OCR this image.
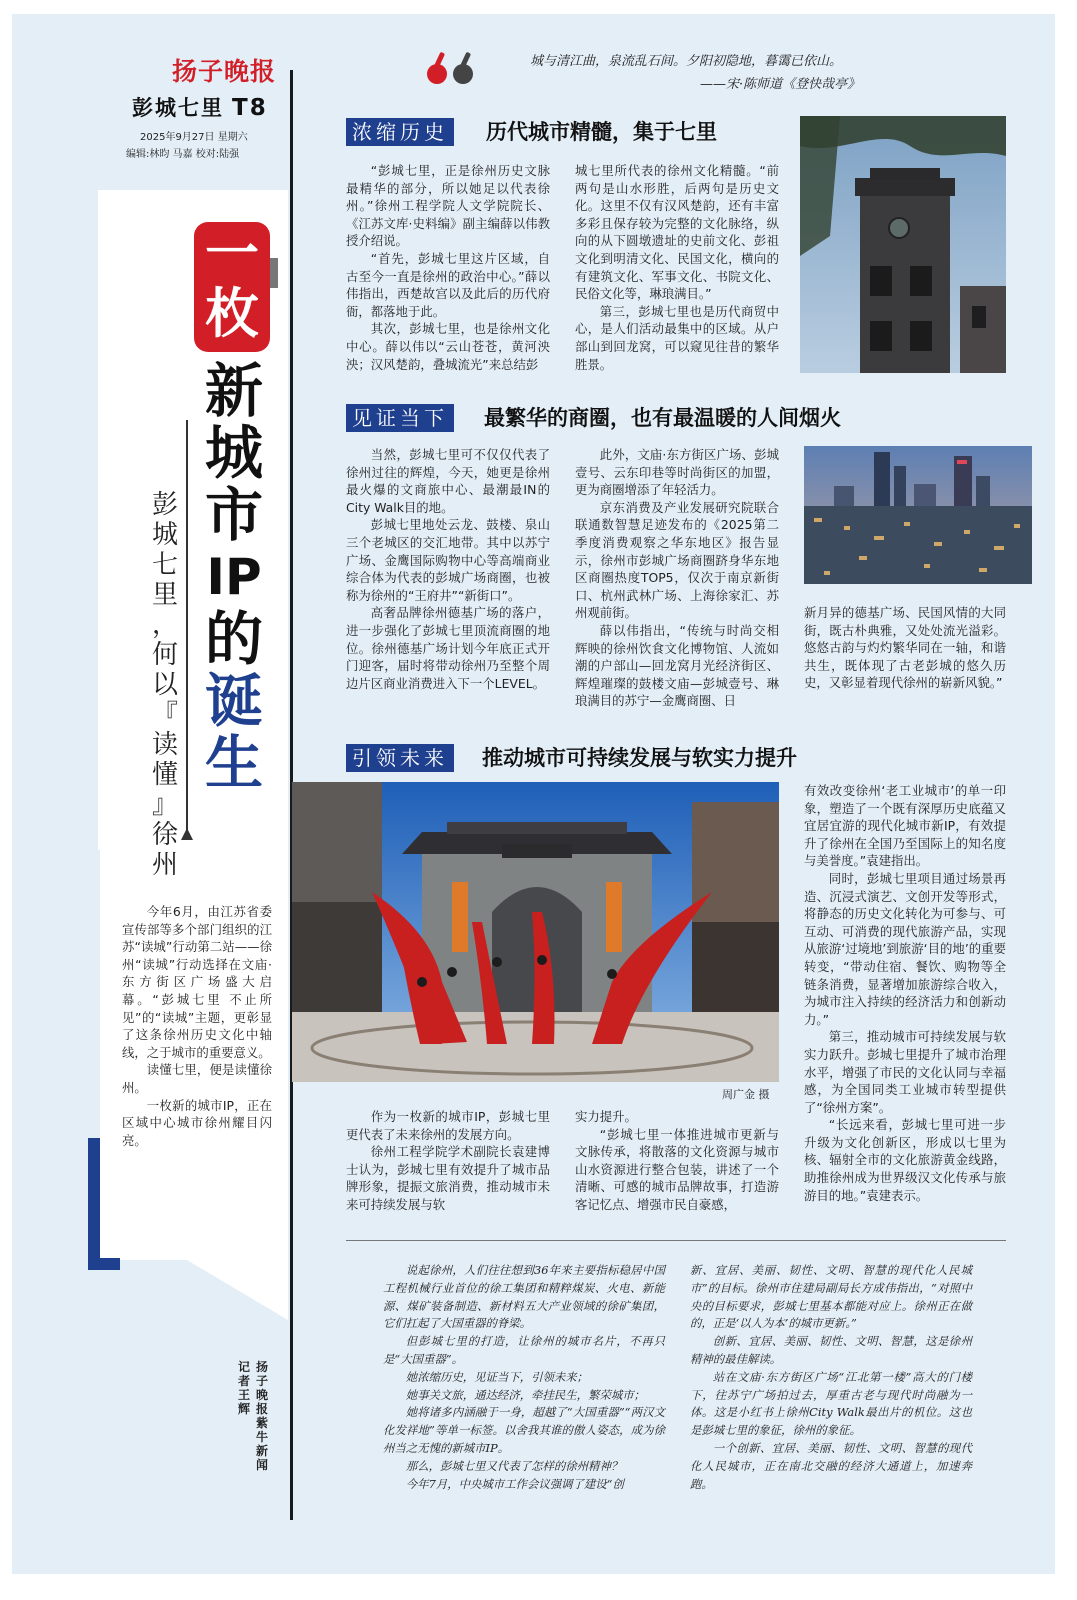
扬子晚报
彭城七里 T8
2025年9月27日 星期六
编辑:林昀 马嘉 校对:陆强
城与清江曲，泉流乱石间。夕阳初隐地，暮霭已依山。
——宋·陈师道《登快哉亭》
一
枚
新
城
市
IP
的
诞
生
彭
城
七
里
，
何
以
『
读
懂
』
徐
州

今年6月，由江苏省委宣传部等多个部门组织的江苏“读城”行动第二站——徐州“读城”行动选择在文庙·东方街区广场盛大启幕。“彭城七里 不止所见”的“读城”主题，更彰显了这条徐州历史文化中轴线，之于城市的重要意义。

读懂七里，便是读懂徐州。

一枚新的城市IP，正在区域中心城市徐州耀目闪亮。

扬
子
晚
报
紫
牛
新
闻
记
者
王
辉
浓缩历史 历代城市精髓，集于七里

“彭城七里，正是徐州历史文脉最精华的部分，所以她足以代表徐州。”徐州工程学院人文学院院长、《江苏文库·史料编》副主编薛以伟教授介绍说。

“首先，彭城七里这片区域，自古至今一直是徐州的政治中心。”薛以伟指出，西楚故宫以及此后的历代府衙，都落地于此。

其次，彭城七里，也是徐州文化中心。薛以伟以“云山苍苍，黄河泱泱；汉风楚韵，叠城流光”来总结彭

城七里所代表的徐州文化精髓。“前两句是山水形胜，后两句是历史文化。这里不仅有汉风楚韵，还有丰富多彩且保存较为完整的文化脉络，纵向的从下圆墩遗址的史前文化、彭祖文化到明清文化、民国文化，横向的有建筑文化、军事文化、书院文化、民俗文化等，琳琅满目。”

第三，彭城七里也是历代商贸中心，是人们活动最集中的区域。从户部山到回龙窝，可以窥见往昔的繁华胜景。

见证当下 最繁华的商圈，也有最温暖的人间烟火

当然，彭城七里可不仅仅代表了徐州过往的辉煌，今天，她更是徐州最火爆的文商旅中心、最潮最IN的City Walk目的地。

彭城七里地处云龙、鼓楼、泉山三个老城区的交汇地带。其中以苏宁广场、金鹰国际购物中心等高端商业综合体为代表的彭城广场商圈，也被称为徐州的“王府井”“新街口”。

高奢品牌徐州德基广场的落户，进一步强化了彭城七里顶流商圈的地位。徐州德基广场计划今年底正式开门迎客，届时将带动徐州乃至整个周边片区商业消费进入下一个LEVEL。

此外，文庙·东方街区广场、彭城壹号、云东印巷等时尚街区的加盟，更为商圈增添了年轻活力。

京东消费及产业发展研究院联合联通数智慧足迹发布的《2025第二季度消费观察之华东地区》报告显示，徐州市彭城广场商圈跻身华东地区商圈热度TOP5，仅次于南京新街口、杭州武林广场、上海徐家汇、苏州观前街。

薛以伟指出，“传统与时尚交相辉映的徐州饮食文化博物馆、人流如潮的户部山—回龙窝月光经济街区、辉煌璀璨的鼓楼文庙—彭城壹号、琳琅满目的苏宁—金鹰商圈、日

新月异的德基广场、民国风情的大同街，既古朴典雅，又处处流光溢彩。悠悠古韵与灼灼繁华同在一轴，和谐共生，既体现了古老彭城的悠久历史，又彰显着现代徐州的崭新风貌。”

引领未来 推动城市可持续发展与软实力提升
周广金 摄

有效改变徐州‘老工业城市’的单一印象，塑造了一个既有深厚历史底蕴又宜居宜游的现代化城市新IP，有效提升了徐州在全国乃至国际上的知名度与美誉度。”袁建指出。

同时，彭城七里项目通过场景再造、沉浸式演艺、文创开发等形式，将静态的历史文化转化为可参与、可互动、可消费的现代旅游产品，实现从旅游‘过境地’到旅游‘目的地’的重要转变，“带动住宿、餐饮、购物等全链条消费，显著增加旅游综合收入，为城市注入持续的经济活力和创新动力。”

第三，推动城市可持续发展与软实力跃升。彭城七里提升了城市治理水平，增强了市民的文化认同与幸福感，为全国同类工业城市转型提供了“徐州方案”。

“长远来看，彭城七里可进一步升级为文化创新区，形成以七里为核、辐射全市的文化旅游黄金线路，助推徐州成为世界级汉文化传承与旅游目的地。”袁建表示。

作为一枚新的城市IP，彭城七里更代表了未来徐州的发展方向。

徐州工程学院学术副院长袁建博士认为，彭城七里有效提升了城市品牌形象，提振文旅消费，推动城市未来可持续发展与软

实力提升。

“彭城七里一体推进城市更新与文脉传承，将散落的文化资源与城市山水资源进行整合包装，讲述了一个清晰、可感的城市品牌故事，打造游客记忆点、增强市民自豪感，

说起徐州，人们往往想到36年来主要指标稳居中国工程机械行业首位的徐工集团和精粹煤炭、火电、新能源、煤矿装备制造、新材料五大产业领域的徐矿集团，它们扛起了大国重器的脊梁。

但彭城七里的打造，让徐州的城市名片，不再只是“大国重器”。

她浓缩历史，见证当下，引领未来；

她事关文旅，通达经济，牵挂民生，繁荣城市；

她将诸多内涵融于一身，超越了“大国重器”“两汉文化发祥地”等单一标签。以舍我其谁的傲人姿态，成为徐州当之无愧的新城市IP。

那么，彭城七里又代表了怎样的徐州精神？

今年7月，中央城市工作会议强调了建设“创

新、宜居、美丽、韧性、文明、智慧的现代化人民城市”的目标。徐州市住建局副局长方成伟指出，“对照中央的目标要求，彭城七里基本都能对应上。徐州正在做的，正是‘以人为本’的城市更新。”

创新、宜居、美丽、韧性、文明、智慧，这是徐州精神的最佳解读。

站在文庙·东方街区广场“江北第一楼”高大的门楼下，往苏宁广场拍过去，厚重古老与现代时尚融为一体。这是小红书上徐州City Walk最出片的机位。这也是彭城七里的象征，徐州的象征。

一个创新、宜居、美丽、韧性、文明、智慧的现代化人民城市，正在南北交融的经济大通道上，加速奔跑。
